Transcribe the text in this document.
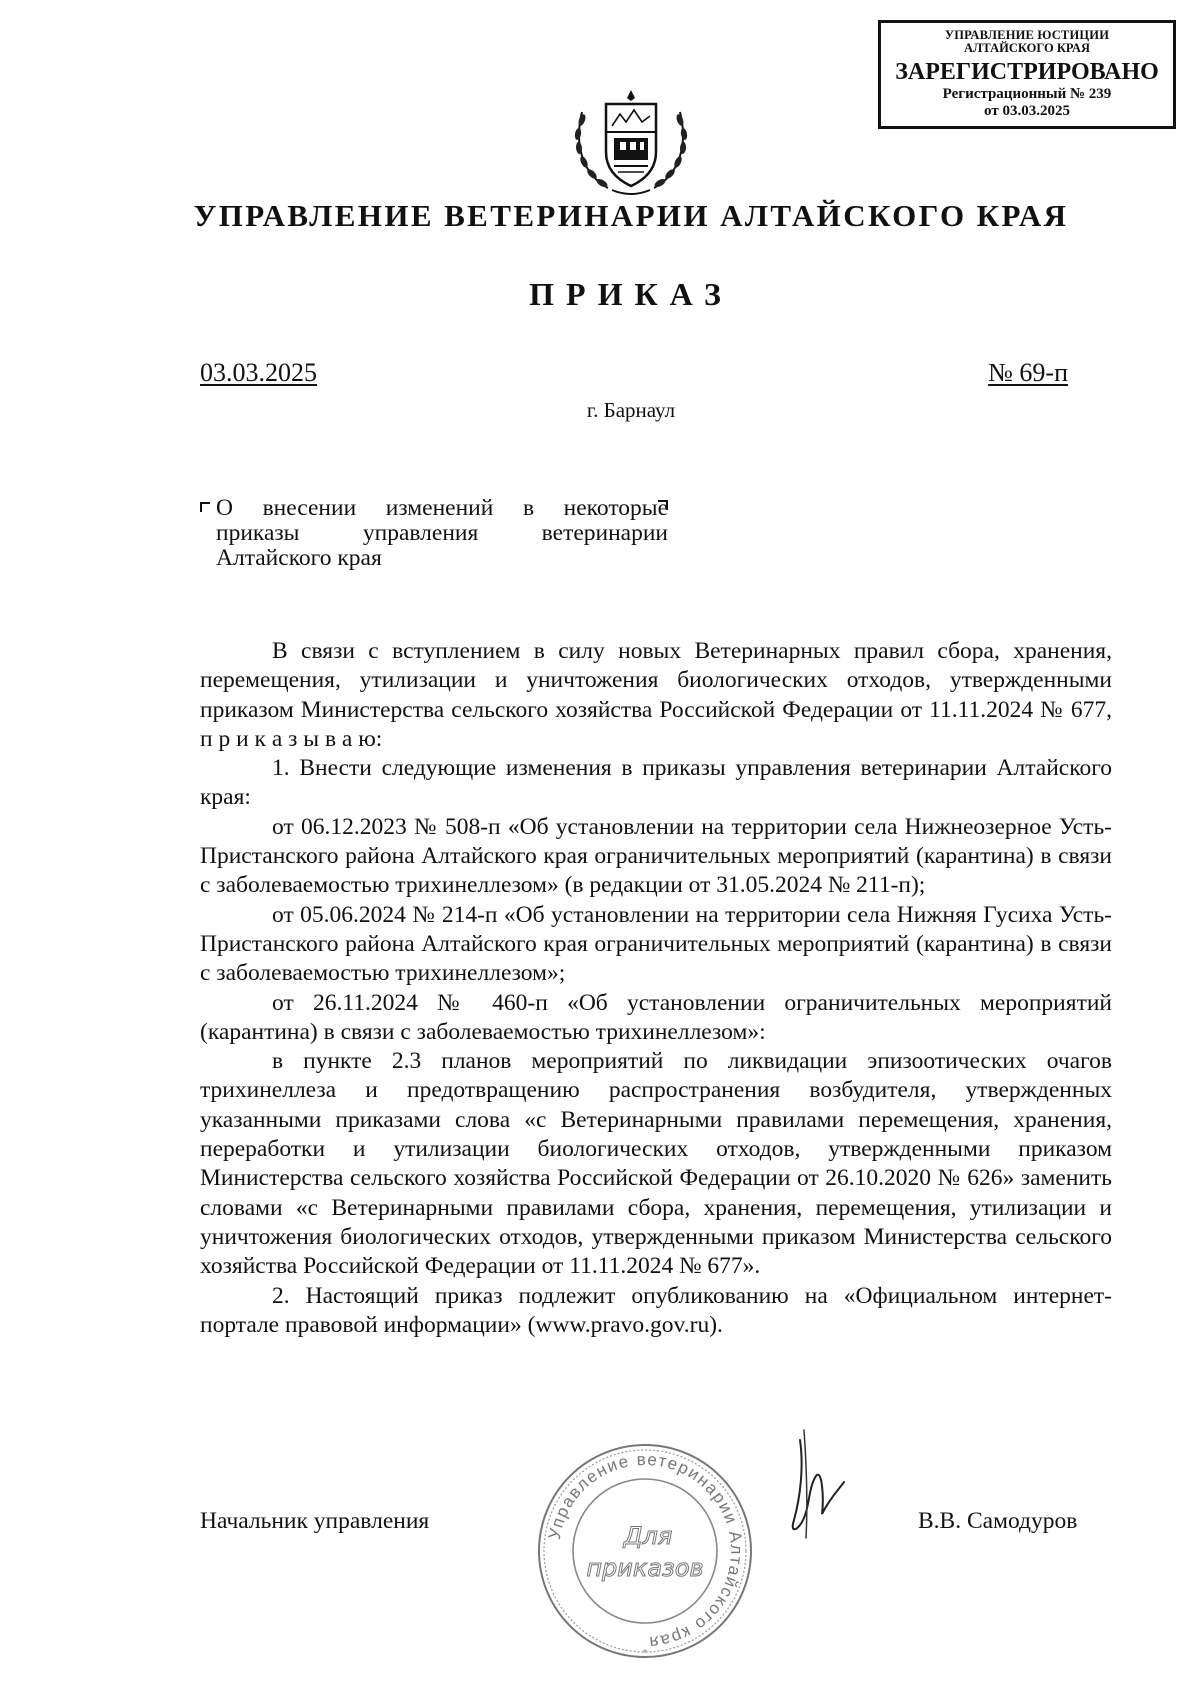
УПРАВЛЕНИЕ ЮСТИЦИИ
АЛТАЙСКОГО КРАЯ
ЗАРЕГИСТРИРОВАНО
Регистрационный № 239
от 03.03.2025
УПРАВЛЕНИЕ ВЕТЕРИНАРИИ АЛТАЙСКОГО КРАЯ
ПРИКАЗ
03.03.2025	№ 69-п
г. Барнаул
О внесении изменений в некоторые
приказы управления ветеринарии
Алтайского края

В связи с вступлением в силу новых Ветеринарных правил сбора, хранения, перемещения, утилизации и уничтожения биологических отходов, утвержденными приказом Министерства сельского хозяйства Российской Федерации от 11.11.2024 № 677, п р и к а з ы в а ю:

1. Внести следующие изменения в приказы управления ветеринарии Алтайского края:

от 06.12.2023 № 508-п «Об установлении на территории села Нижнеозерное Усть-Пристанского района Алтайского края ограничительных мероприятий (карантина) в связи с заболеваемостью трихинеллезом» (в редакции от 31.05.2024 № 211-п);

от 05.06.2024 № 214-п «Об установлении на территории села Нижняя Гусиха Усть-Пристанского района Алтайского края ограничительных мероприятий (карантина) в связи с заболеваемостью трихинеллезом»;

от 26.11.2024 № 460-п «Об установлении ограничительных мероприятий (карантина) в связи с заболеваемостью трихинеллезом»:

в пункте 2.3 планов мероприятий по ликвидации эпизоотических очагов трихинеллеза и предотвращению распространения возбудителя, утвержденных указанными приказами слова «с Ветеринарными правилами перемещения, хранения, переработки и утилизации биологических отходов, утвержденными приказом Министерства сельского хозяйства Российской Федерации от 26.10.2020 № 626» заменить словами «с Ветеринарными правилами сбора, хранения, перемещения, утилизации и уничтожения биологических отходов, утвержденными приказом Министерства сельского хозяйства Российской Федерации от 11.11.2024 № 677».

2. Настоящий приказ подлежит опубликованию на «Официальном интернет-портале правовой информации» (www.pravo.gov.ru).

Начальник управления	В.В. Самодуров
Управление ветеринарии Алтайского края
Для
приказов
*
